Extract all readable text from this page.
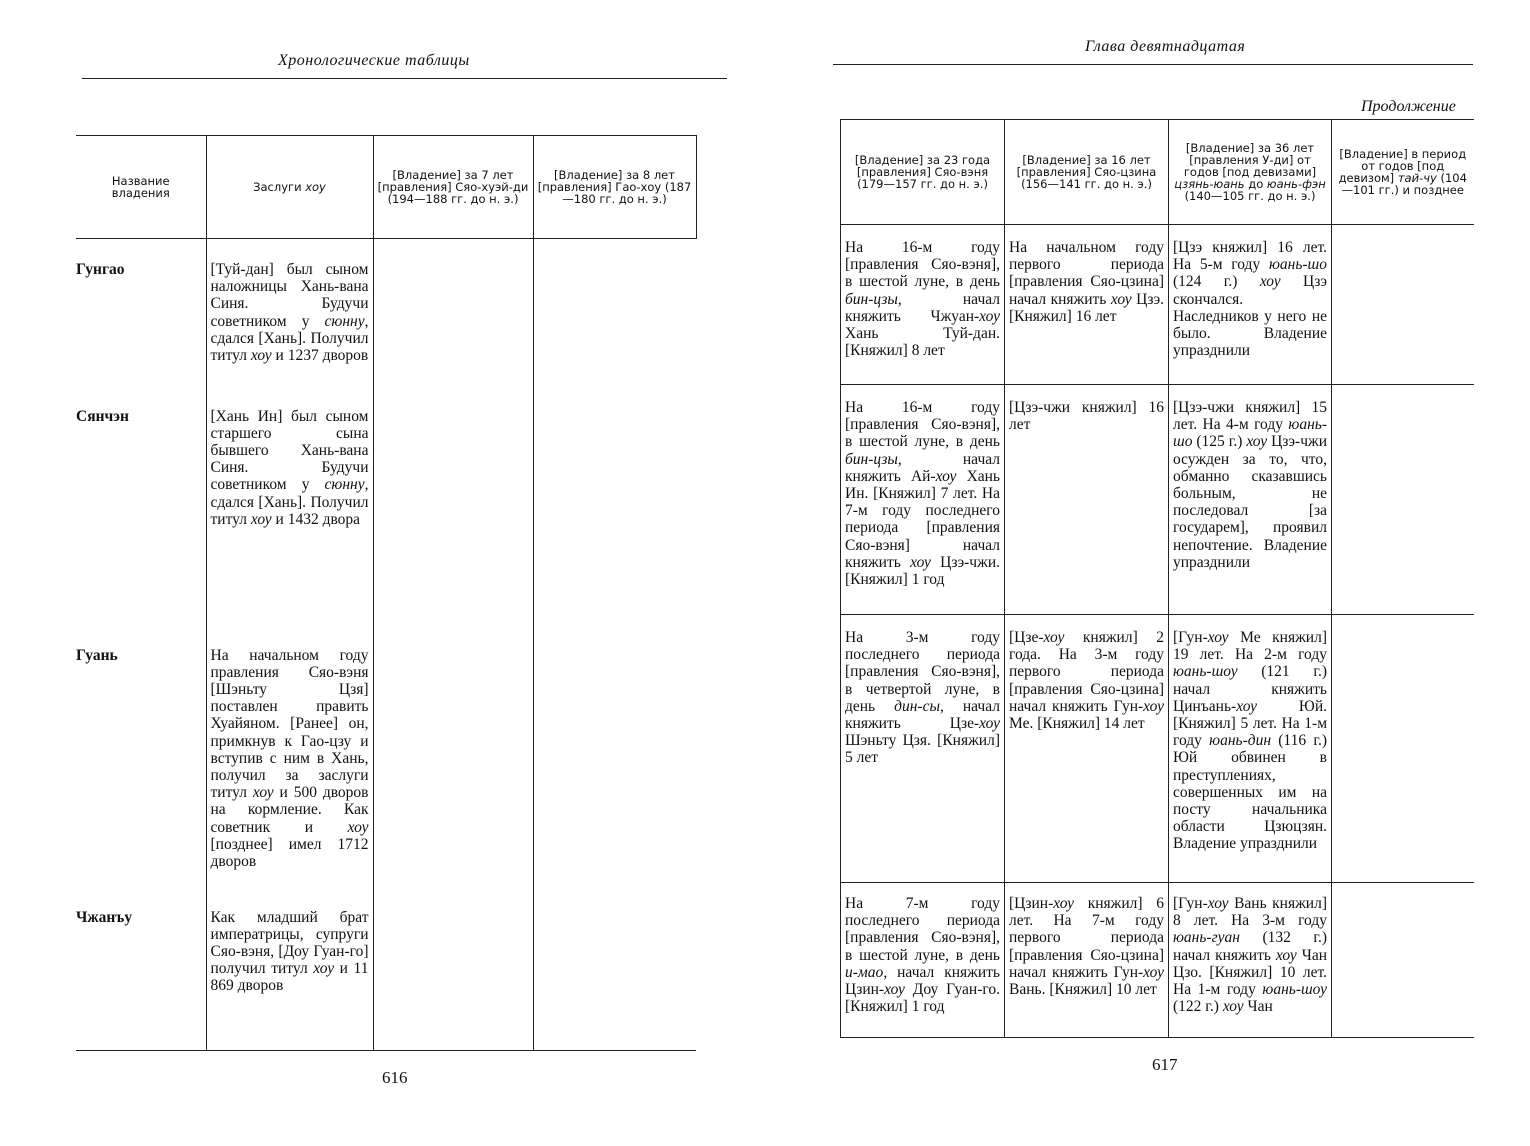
Хронологические таблицы
Название владения	Заслуги хоу	[Владение] за 7 лет [правления] Сяо-хуэй-ди (194—188 гг. до н. э.)	[Владение] за 8 лет [правления] Гао-хоу (187—180 гг. до н. э.)
Гунгао	[Туй-дан] был сыном наложницы Хань-вана Синя. Будучи советником у сюнну, сдался [Хань]. Получил титул хоу и 1237 дворов		

Сянчэн	[Хань Ин] был сыном старшего сына бывшего Хань-вана Синя. Будучи советником у сюнну, сдался [Хань]. Получил титул хоу и 1432 двора		

Гуань	На начальном году правления Сяо-вэня [Шэньту Цзя] поставлен править Хуайяном. [Ранее] он, примкнув к Гао-цзу и вступив с ним в Хань, получил за заслуги титул хоу и 500 дворов на кормление. Как советник и хоу [позднее] имел 1712 дворов		

Чжанъу	Как младший брат императрицы, супруги Сяо-вэня, [Доу Гуан-го] получил титул хоу и 11 869 дворов		

616
Глава девятнадцатая
Продолжение
[Владение] за 23 года [правления] Сяо-вэня (179—157 гг. до н. э.)	[Владение] за 16 лет [правления] Сяо-цзина (156—141 гг. до н. э.)	[Владение] за 36 лет [правления У-ди] от годов [под девизами] цзянь-юань до юань-фэн (140—105 гг. до н. э.)	[Владение] в период от годов [под девизом] тай-чу (104—101 гг.) и позднее

На 16-м году [правления Сяо-вэня], в шестой луне, в день бин-цзы, начал княжить Чжуан-хоу Хань Туй-дан. [Княжил] 8 лет	На начальном году первого периода [правления Сяо-цзина] начал княжить хоу Цзэ. [Княжил] 16 лет	[Цзэ княжил] 16 лет. На 5-м году юань-шо (124 г.) хоу Цзэ скончался. Наследников у него не было. Владение упразднили	

На 16-м году [правления Сяо-вэня], в шестой луне, в день бин-цзы, начал княжить Ай-хоу Хань Ин. [Княжил] 7 лет. На 7-м году последнего периода [правления Сяо-вэня] начал княжить хоу Цзэ-чжи. [Княжил] 1 год	[Цзэ-чжи княжил] 16 лет	[Цзэ-чжи княжил] 15 лет. На 4-м году юань-шо (125 г.) хоу Цзэ-чжи осужден за то, что, обманно сказавшись больным, не последовал [за государем], проявил непочтение. Владение упразднили	

На 3-м году последнего периода [правления Сяо-вэня], в четвертой луне, в день дин-сы, начал княжить Цзе-хоу Шэньту Цзя. [Княжил] 5 лет	[Цзе-хоу княжил] 2 года. На 3-м году первого периода [правления Сяо-цзина] начал княжить Гун-хоу Ме. [Княжил] 14 лет	[Гун-хоу Ме княжил] 19 лет. На 2-м году юань-шоу (121 г.) начал княжить Цинъань-хоу Юй. [Княжил] 5 лет. На 1-м году юань-дин (116 г.) Юй обвинен в преступлениях, совершенных им на посту начальника области Цзюцзян. Владение упразднили	

На 7-м году последнего периода [правления Сяо-вэня], в шестой луне, в день и-мао, начал княжить Цзин-хоу Доу Гуан-го. [Княжил] 1 год	[Цзин-хоу княжил] 6 лет. На 7-м году первого периода [правления Сяо-цзина] начал княжить Гун-хоу Вань. [Княжил] 10 лет	[Гун-хоу Вань княжил] 8 лет. На 3-м году юань-гуан (132 г.) начал княжить хоу Чан Цзо. [Княжил] 10 лет. На 1-м году юань-шоу (122 г.) хоу Чан	

617
